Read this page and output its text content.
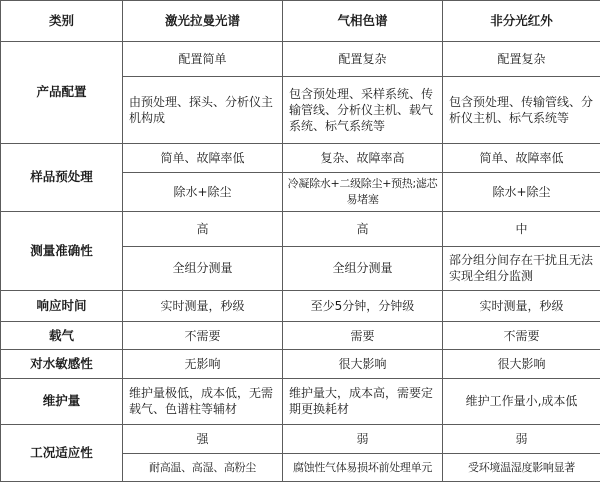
类别	激光拉曼光谱	气相色谱	非分光红外
产品配置	配置简单	配置复杂	配置复杂
	由预处理、探头、分析仪主机构成	包含预处理、采样系统、传输管线、分析仪主机、载气系统、标气系统等	包含预处理、传输管线、分析仪主机、标气系统等
样品预处理	简单、故障率低	复杂、故障率高	简单、故障率低
	除水+除尘	冷凝除水+二级除尘+预热;滤芯易堵塞	除水+除尘
测量准确性	高	高	中
	全组分测量	全组分测量	部分组分间存在干扰且无法实现全组分监测
响应时间	实时测量，秒级	至少5分钟，分钟级	实时测量，秒级
载气	不需要	需要	不需要
对水敏感性	无影响	很大影响	很大影响
维护量	维护量极低，成本低，无需载气、色谱柱等辅材	维护量大，成本高，需要定期更换耗材	维护工作量小,成本低
工况适应性	强	弱	弱
	耐高温、高湿、高粉尘	腐蚀性气体易损坏前处理单元	受环境温湿度影响显著
